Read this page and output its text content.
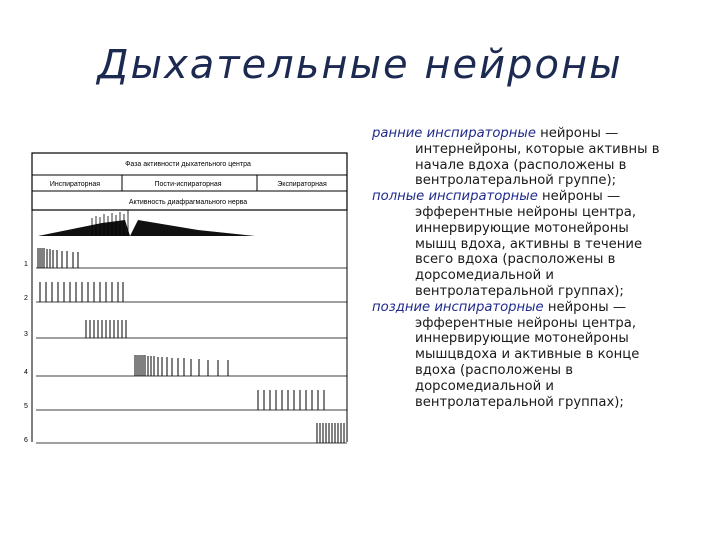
Дыхательные нейроны
Фаза активности дыхательного центра
Инспираторная	Пости-испираторная	Экспираторная
Активность диафрагмального нерва
1
2
3
4
5
6
ранние инспираторные нейроны —
интернейроны, которые активны в
начале вдоха (расположены в
вентролатеральной группе);
полные инспираторные нейроны —
эфферентные нейроны центра,
иннервирующие мотонейроны
мышц вдоха, активны в течение
всего вдоха (расположены в
дорсомедиальной и
вентролатеральной группах);
поздние инспираторные нейроны —
эфферентные нейроны центра,
иннервирующие мотонейроны
мышцвдоха и активные в конце
вдоха (расположены в
дорсомедиальной и
вентролатеральной группах);
